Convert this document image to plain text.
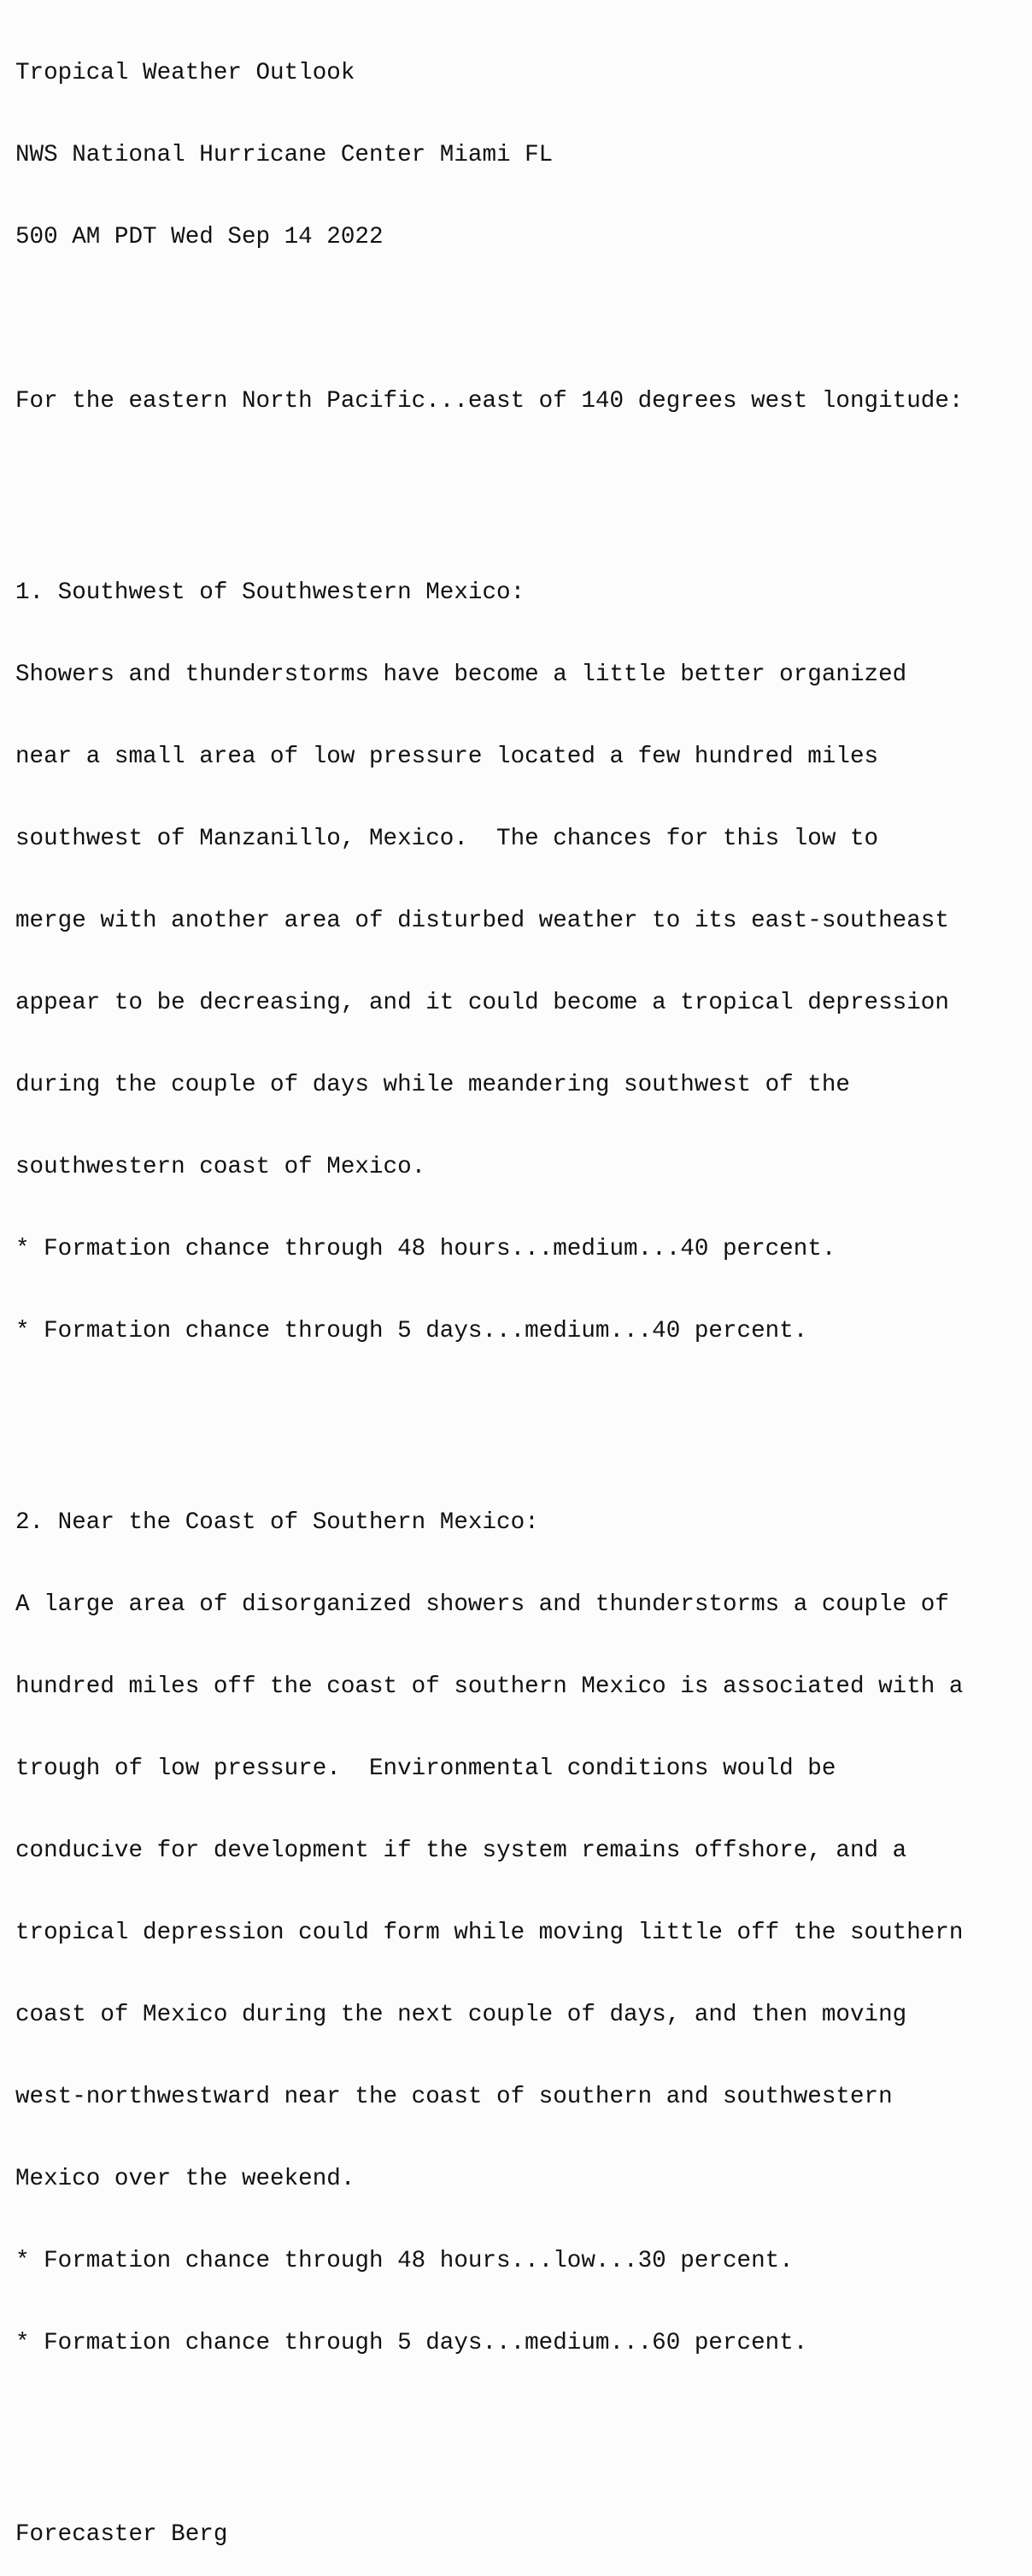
Tropical Weather Outlook

NWS National Hurricane Center Miami FL

500 AM PDT Wed Sep 14 2022

For the eastern North Pacific...east of 140 degrees west longitude:

1. Southwest of Southwestern Mexico:

Showers and thunderstorms have become a little better organized

near a small area of low pressure located a few hundred miles

southwest of Manzanillo, Mexico.  The chances for this low to

merge with another area of disturbed weather to its east-southeast

appear to be decreasing, and it could become a tropical depression

during the couple of days while meandering southwest of the

southwestern coast of Mexico.

* Formation chance through 48 hours...medium...40 percent.

* Formation chance through 5 days...medium...40 percent.

2. Near the Coast of Southern Mexico:

A large area of disorganized showers and thunderstorms a couple of

hundred miles off the coast of southern Mexico is associated with a

trough of low pressure.  Environmental conditions would be

conducive for development if the system remains offshore, and a

tropical depression could form while moving little off the southern

coast of Mexico during the next couple of days, and then moving

west-northwestward near the coast of southern and southwestern

Mexico over the weekend.

* Formation chance through 48 hours...low...30 percent.

* Formation chance through 5 days...medium...60 percent.

Forecaster Berg
